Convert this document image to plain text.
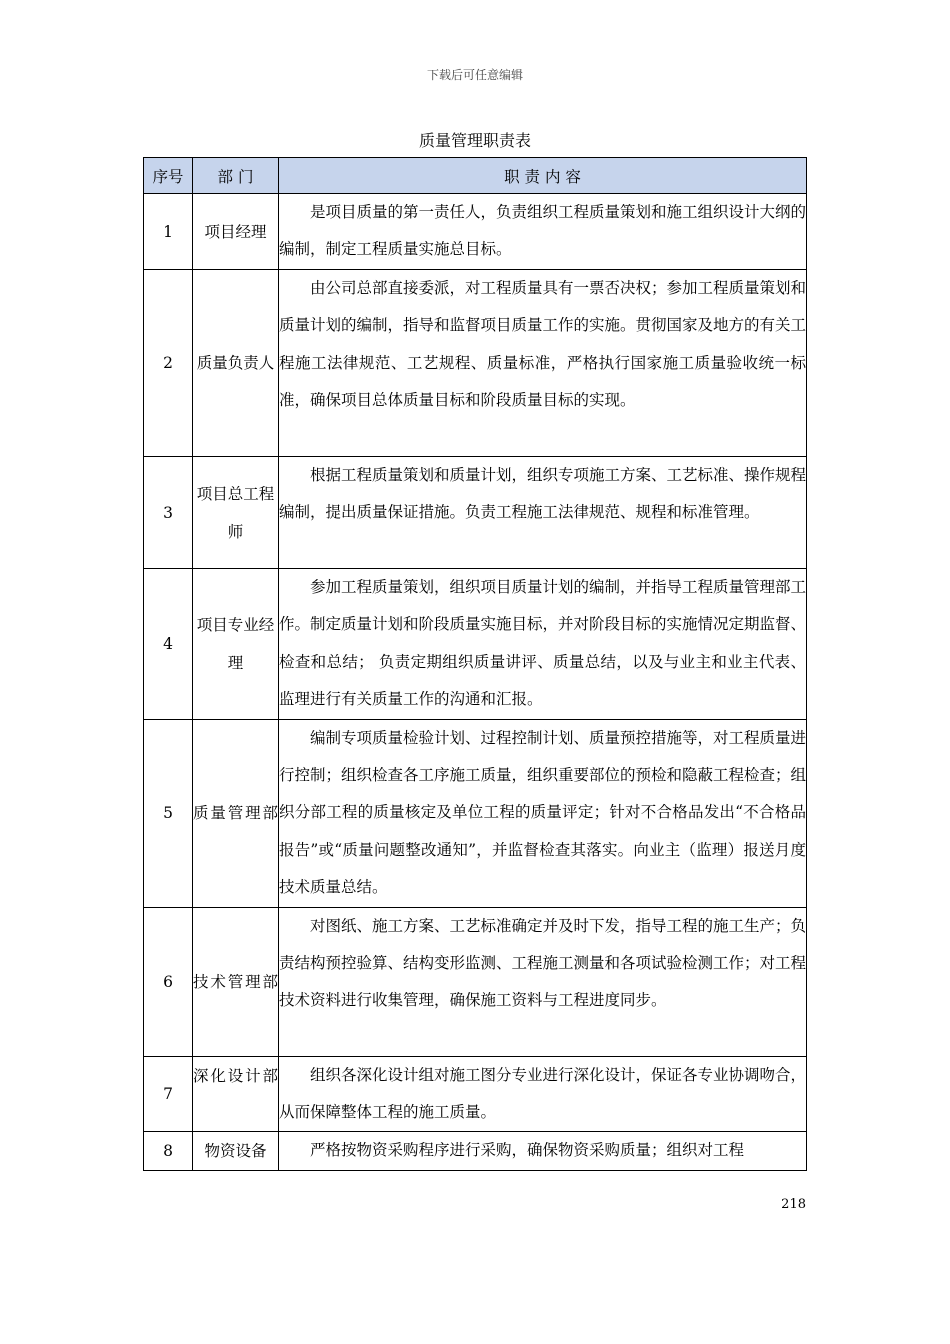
下载后可任意编辑
质量管理职责表
序号	部 门	职 责 内 容
1	项目经理	是项目质量的第一责任人，负责组织工程质量策划和施工组织设计大纲的编制，制定工程质量实施总目标。
2	质量负责人	由公司总部直接委派，对工程质量具有一票否决权；参加工程质量策划和质量计划的编制，指导和监督项目质量工作的实施。贯彻国家及地方的有关工程施工法律规范、工艺规程、质量标准，严格执行国家施工质量验收统一标准，确保项目总体质量目标和阶段质量目标的实现。
3	项目总工程师	根据工程质量策划和质量计划，组织专项施工方案、工艺标准、操作规程编制，提出质量保证措施。负责工程施工法律规范、规程和标准管理。
4	项目专业经理	参加工程质量策划，组织项目质量计划的编制，并指导工程质量管理部工作。制定质量计划和阶段质量实施目标，并对阶段目标的实施情况定期监督、检查和总结； 负责定期组织质量讲评、质量总结，以及与业主和业主代表、监理进行有关质量工作的沟通和汇报。
5	质量管理部	编制专项质量检验计划、过程控制计划、质量预控措施等，对工程质量进行控制；组织检查各工序施工质量，组织重要部位的预检和隐蔽工程检查；组织分部工程的质量核定及单位工程的质量评定；针对不合格品发出“不合格品报告”或“质量问题整改通知”，并监督检查其落实。向业主（监理）报送月度技术质量总结。
6	技术管理部	对图纸、施工方案、工艺标准确定并及时下发，指导工程的施工生产；负责结构预控验算、结构变形监测、工程施工测量和各项试验检测工作；对工程技术资料进行收集管理，确保施工资料与工程进度同步。
7	深化设计部	组织各深化设计组对施工图分专业进行深化设计，保证各专业协调吻合，从而保障整体工程的施工质量。
8	物资设备	严格按物资采购程序进行采购，确保物资采购质量；组织对工程
218
